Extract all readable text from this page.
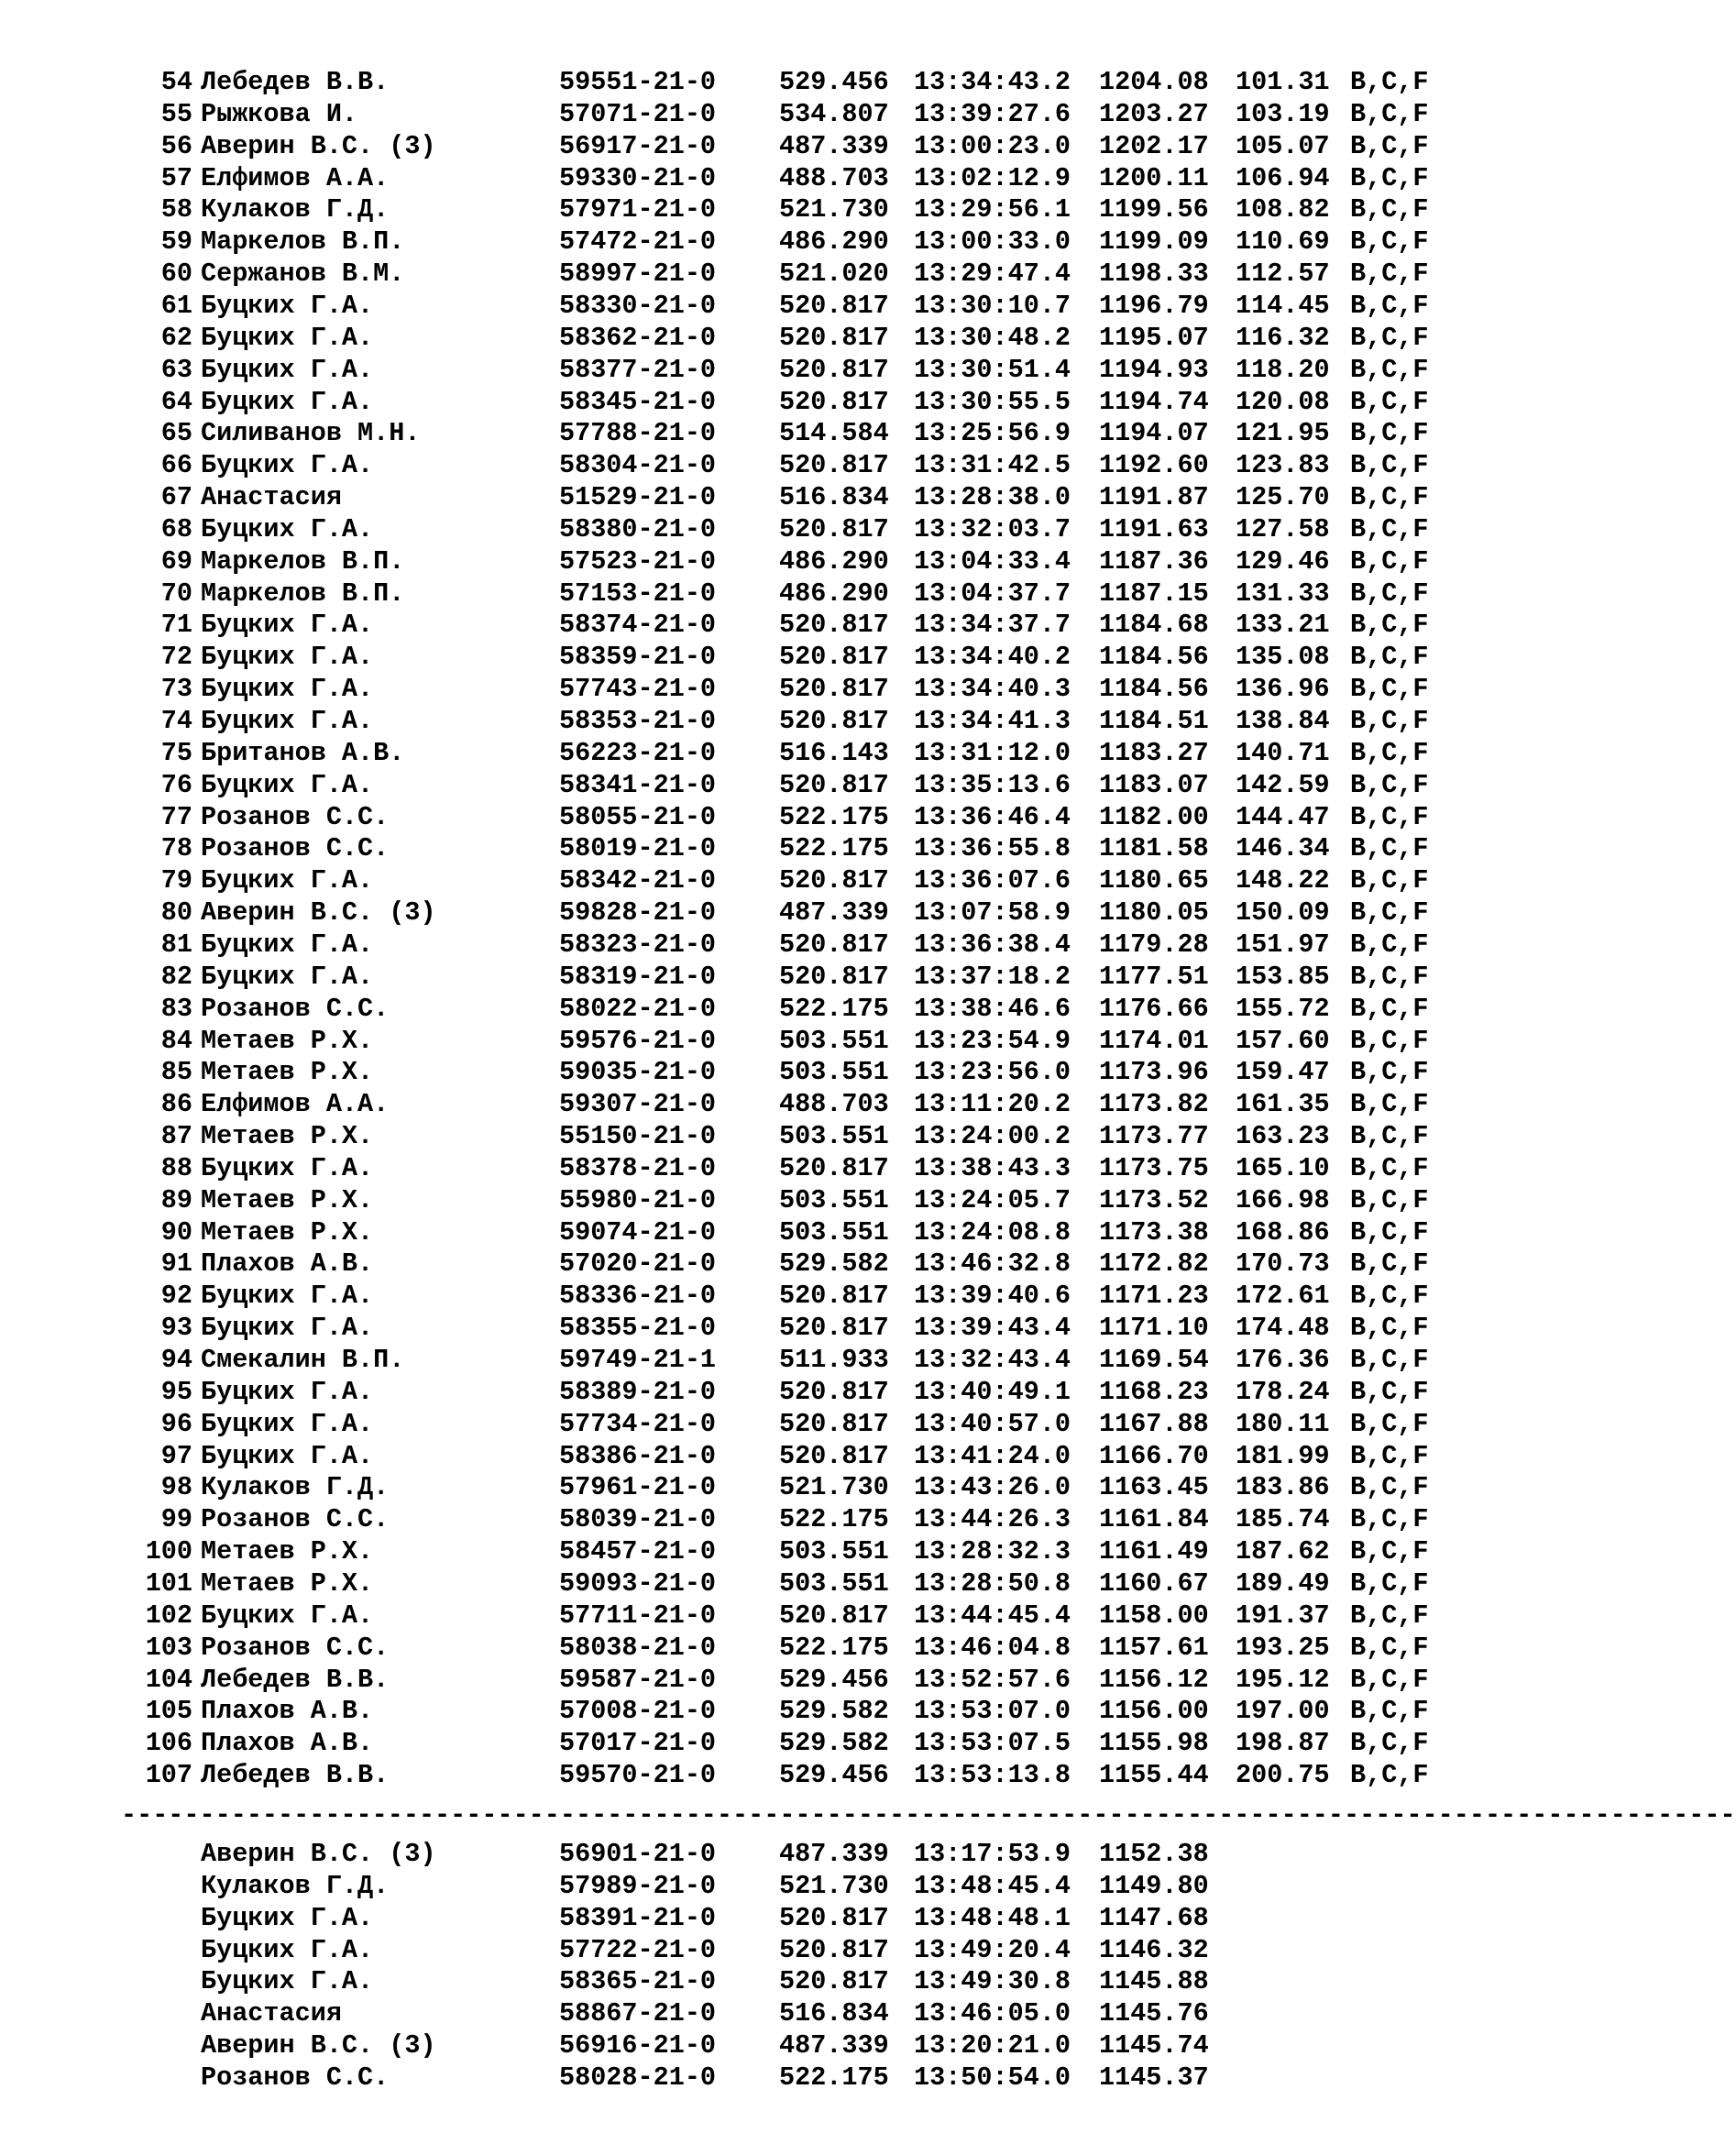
54 Лебедев В.В.	59551-21-0 529.456 13:34:43.2 1204.08 101.31 B,C,F
55 Рыжкова И.	57071-21-0 534.807 13:39:27.6 1203.27 103.19 B,C,F
56 Аверин В.С. (3)	56917-21-0 487.339 13:00:23.0 1202.17 105.07 B,C,F
57 Елфимов А.А.	59330-21-0 488.703 13:02:12.9 1200.11 106.94 B,C,F
58 Кулаков Г.Д.	57971-21-0 521.730 13:29:56.1 1199.56 108.82 B,C,F
59 Маркелов В.П.	57472-21-0 486.290 13:00:33.0 1199.09 110.69 B,C,F
60 Сержанов В.М.	58997-21-0 521.020 13:29:47.4 1198.33 112.57 B,C,F
61 Буцких Г.А.	58330-21-0 520.817 13:30:10.7 1196.79 114.45 B,C,F
62 Буцких Г.А.	58362-21-0 520.817 13:30:48.2 1195.07 116.32 B,C,F
63 Буцких Г.А.	58377-21-0 520.817 13:30:51.4 1194.93 118.20 B,C,F
64 Буцких Г.А.	58345-21-0 520.817 13:30:55.5 1194.74 120.08 B,C,F
65 Силиванов М.Н.	57788-21-0 514.584 13:25:56.9 1194.07 121.95 B,C,F
66 Буцких Г.А.	58304-21-0 520.817 13:31:42.5 1192.60 123.83 B,C,F
67 Анастасия	51529-21-0 516.834 13:28:38.0 1191.87 125.70 B,C,F
68 Буцких Г.А.	58380-21-0 520.817 13:32:03.7 1191.63 127.58 B,C,F
69 Маркелов В.П.	57523-21-0 486.290 13:04:33.4 1187.36 129.46 B,C,F
70 Маркелов В.П.	57153-21-0 486.290 13:04:37.7 1187.15 131.33 B,C,F
71 Буцких Г.А.	58374-21-0 520.817 13:34:37.7 1184.68 133.21 B,C,F
72 Буцких Г.А.	58359-21-0 520.817 13:34:40.2 1184.56 135.08 B,C,F
73 Буцких Г.А.	57743-21-0 520.817 13:34:40.3 1184.56 136.96 B,C,F
74 Буцких Г.А.	58353-21-0 520.817 13:34:41.3 1184.51 138.84 B,C,F
75 Британов А.В.	56223-21-0 516.143 13:31:12.0 1183.27 140.71 B,C,F
76 Буцких Г.А.	58341-21-0 520.817 13:35:13.6 1183.07 142.59 B,C,F
77 Розанов С.С.	58055-21-0 522.175 13:36:46.4 1182.00 144.47 B,C,F
78 Розанов С.С.	58019-21-0 522.175 13:36:55.8 1181.58 146.34 B,C,F
79 Буцких Г.А.	58342-21-0 520.817 13:36:07.6 1180.65 148.22 B,C,F
80 Аверин В.С. (3)	59828-21-0 487.339 13:07:58.9 1180.05 150.09 B,C,F
81 Буцких Г.А.	58323-21-0 520.817 13:36:38.4 1179.28 151.97 B,C,F
82 Буцких Г.А.	58319-21-0 520.817 13:37:18.2 1177.51 153.85 B,C,F
83 Розанов С.С.	58022-21-0 522.175 13:38:46.6 1176.66 155.72 B,C,F
84 Метаев Р.Х.	59576-21-0 503.551 13:23:54.9 1174.01 157.60 B,C,F
85 Метаев Р.Х.	59035-21-0 503.551 13:23:56.0 1173.96 159.47 B,C,F
86 Елфимов А.А.	59307-21-0 488.703 13:11:20.2 1173.82 161.35 B,C,F
87 Метаев Р.Х.	55150-21-0 503.551 13:24:00.2 1173.77 163.23 B,C,F
88 Буцких Г.А.	58378-21-0 520.817 13:38:43.3 1173.75 165.10 B,C,F
89 Метаев Р.Х.	55980-21-0 503.551 13:24:05.7 1173.52 166.98 B,C,F
90 Метаев Р.Х.	59074-21-0 503.551 13:24:08.8 1173.38 168.86 B,C,F
91 Плахов А.В.	57020-21-0 529.582 13:46:32.8 1172.82 170.73 B,C,F
92 Буцких Г.А.	58336-21-0 520.817 13:39:40.6 1171.23 172.61 B,C,F
93 Буцких Г.А.	58355-21-0 520.817 13:39:43.4 1171.10 174.48 B,C,F
94 Смекалин В.П.	59749-21-1 511.933 13:32:43.4 1169.54 176.36 B,C,F
95 Буцких Г.А.	58389-21-0 520.817 13:40:49.1 1168.23 178.24 B,C,F
96 Буцких Г.А.	57734-21-0 520.817 13:40:57.0 1167.88 180.11 B,C,F
97 Буцких Г.А.	58386-21-0 520.817 13:41:24.0 1166.70 181.99 B,C,F
98 Кулаков Г.Д.	57961-21-0 521.730 13:43:26.0 1163.45 183.86 B,C,F
99 Розанов С.С.	58039-21-0 522.175 13:44:26.3 1161.84 185.74 B,C,F
100 Метаев Р.Х.	58457-21-0 503.551 13:28:32.3 1161.49 187.62 B,C,F
101 Метаев Р.Х.	59093-21-0 503.551 13:28:50.8 1160.67 189.49 B,C,F
102 Буцких Г.А.	57711-21-0 520.817 13:44:45.4 1158.00 191.37 B,C,F
103 Розанов С.С.	58038-21-0 522.175 13:46:04.8 1157.61 193.25 B,C,F
104 Лебедев В.В.	59587-21-0 529.456 13:52:57.6 1156.12 195.12 B,C,F
105 Плахов А.В.	57008-21-0 529.582 13:53:07.0 1156.00 197.00 B,C,F
106 Плахов А.В.	57017-21-0 529.582 13:53:07.5 1155.98 198.87 B,C,F
107 Лебедев В.В.	59570-21-0 529.456 13:53:13.8 1155.44 200.75 B,C,F
-------------------------------------------------------------------------------------------------------
Аверин В.С. (3)	56901-21-0 487.339 13:17:53.9 1152.38
Кулаков Г.Д.	57989-21-0 521.730 13:48:45.4 1149.80
Буцких Г.А.	58391-21-0 520.817 13:48:48.1 1147.68
Буцких Г.А.	57722-21-0 520.817 13:49:20.4 1146.32
Буцких Г.А.	58365-21-0 520.817 13:49:30.8 1145.88
Анастасия	58867-21-0 516.834 13:46:05.0 1145.76
Аверин В.С. (3)	56916-21-0 487.339 13:20:21.0 1145.74
Розанов С.С.	58028-21-0 522.175 13:50:54.0 1145.37
